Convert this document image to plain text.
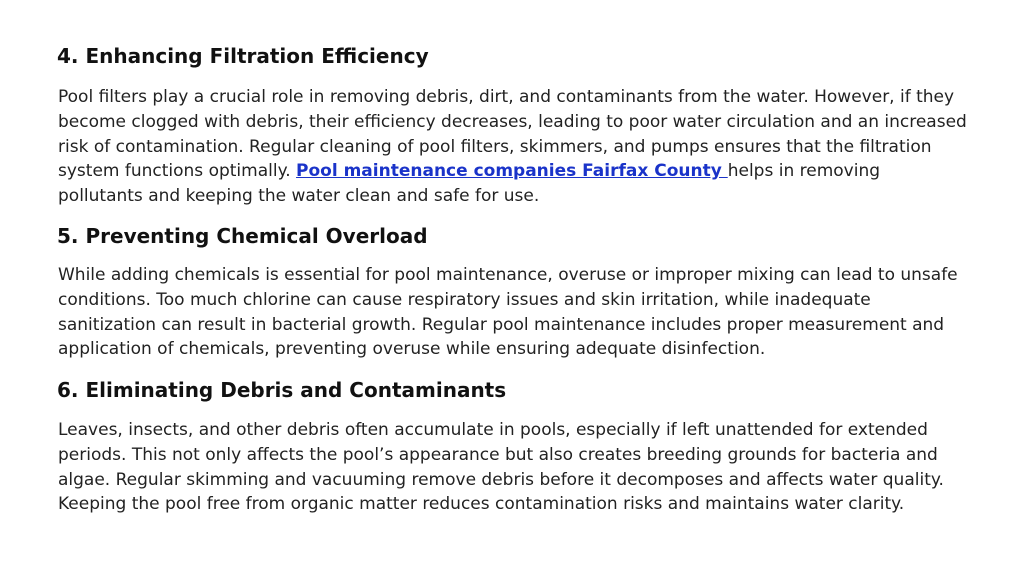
4. Enhancing Filtration Efficiency

Pool filters play a crucial role in removing debris, dirt, and contaminants from the water. However, if they become clogged with debris, their efficiency decreases, leading to poor water circulation and an increased risk of contamination. Regular cleaning of pool filters, skimmers, and pumps ensures that the filtration system functions optimally. Pool maintenance companies Fairfax County helps in removing pollutants and keeping the water clean and safe for use.

5. Preventing Chemical Overload

While adding chemicals is essential for pool maintenance, overuse or improper mixing can lead to unsafe conditions. Too much chlorine can cause respiratory issues and skin irritation, while inadequate sanitization can result in bacterial growth. Regular pool maintenance includes proper measurement and application of chemicals, preventing overuse while ensuring adequate disinfection.

6. Eliminating Debris and Contaminants

Leaves, insects, and other debris often accumulate in pools, especially if left unattended for extended periods. This not only affects the pool’s appearance but also creates breeding grounds for bacteria and algae. Regular skimming and vacuuming remove debris before it decomposes and affects water quality. Keeping the pool free from organic matter reduces contamination risks and maintains water clarity.
